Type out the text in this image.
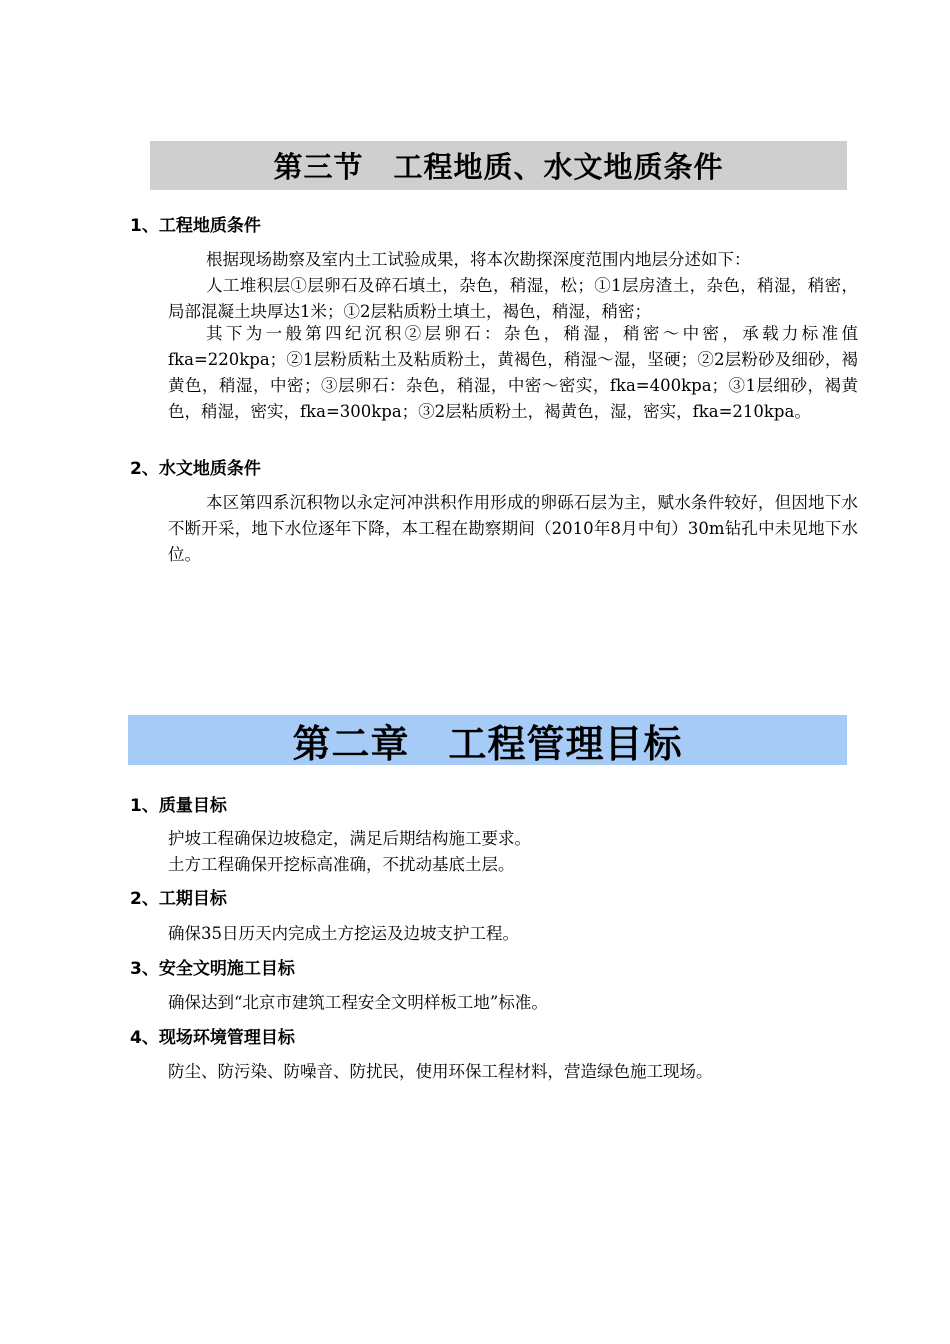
第三节　工程地质、水文地质条件
1、工程地质条件
根据现场勘察及室内土工试验成果，将本次勘探深度范围内地层分述如下：
人工堆积层①层卵石及碎石填土，杂色，稍湿，松；①1层房渣土，杂色，稍湿，稍密，局部混凝土块厚达1米；①2层粘质粉土填土，褐色，稍湿，稍密；
其下为一般第四纪沉积②层卵石：杂色，稍湿，稍密～中密，承载力标准值fka=220kpa；②1层粉质粘土及粘质粉土，黄褐色，稍湿～湿，坚硬；②2层粉砂及细砂，褐黄色，稍湿，中密；③层卵石：杂色，稍湿，中密～密实，fka=400kpa；③1层细砂，褐黄色，稍湿，密实，fka=300kpa；③2层粘质粉土，褐黄色，湿，密实，fka=210kpa。
2、水文地质条件
本区第四系沉积物以永定河冲洪积作用形成的卵砾石层为主，赋水条件较好，但因地下水不断开采，地下水位逐年下降，本工程在勘察期间（2010年8月中旬）30m钻孔中未见地下水位。
第二章　工程管理目标
1、质量目标
护坡工程确保边坡稳定，满足后期结构施工要求。
土方工程确保开挖标高准确，不扰动基底土层。
2、工期目标
确保35日历天内完成土方挖运及边坡支护工程。
3、安全文明施工目标
确保达到“北京市建筑工程安全文明样板工地”标准。
4、现场环境管理目标
防尘、防污染、防噪音、防扰民，使用环保工程材料，营造绿色施工现场。
